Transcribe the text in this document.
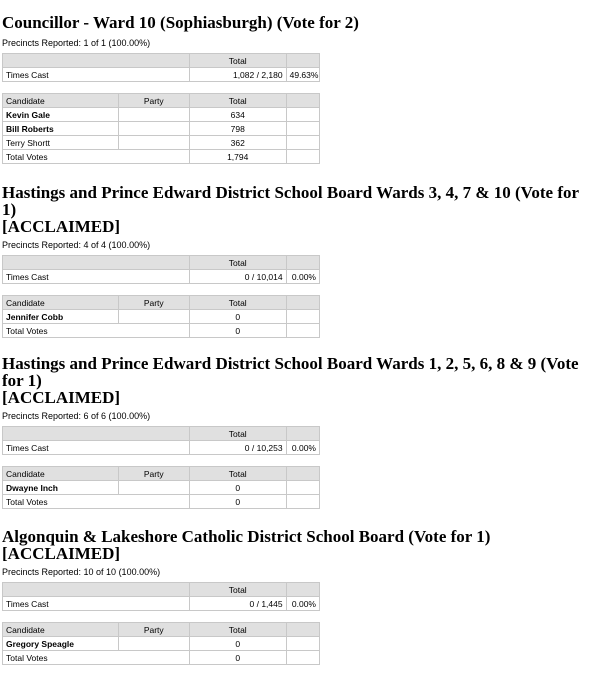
Councillor - Ward 10 (Sophiasburgh) (Vote for 2)
Precincts Reported: 1 of 1 (100.00%)
		Total	
Times Cast		1,082 / 2,180	49.63%
Candidate	Party	Total	
Kevin Gale		634	
Bill Roberts		798	
Terry Shortt		362	
Total Votes		1,794	
Hastings and Prince Edward District School Board Wards 3, 4, 7 & 10 (Vote for 1)
[ACCLAIMED]
Precincts Reported: 4 of 4 (100.00%)
		Total	
Times Cast		0 / 10,014	0.00%
Candidate	Party	Total	
Jennifer Cobb		0	
Total Votes		0	
Hastings and Prince Edward District School Board Wards 1, 2, 5, 6, 8 & 9 (Vote for 1)
[ACCLAIMED]
Precincts Reported: 6 of 6 (100.00%)
		Total	
Times Cast		0 / 10,253	0.00%
Candidate	Party	Total	
Dwayne Inch		0	
Total Votes		0	
Algonquin & Lakeshore Catholic District School Board (Vote for 1)
[ACCLAIMED]
Precincts Reported: 10 of 10 (100.00%)
		Total	
Times Cast		0 / 1,445	0.00%
Candidate	Party	Total	
Gregory Speagle		0	
Total Votes		0	
